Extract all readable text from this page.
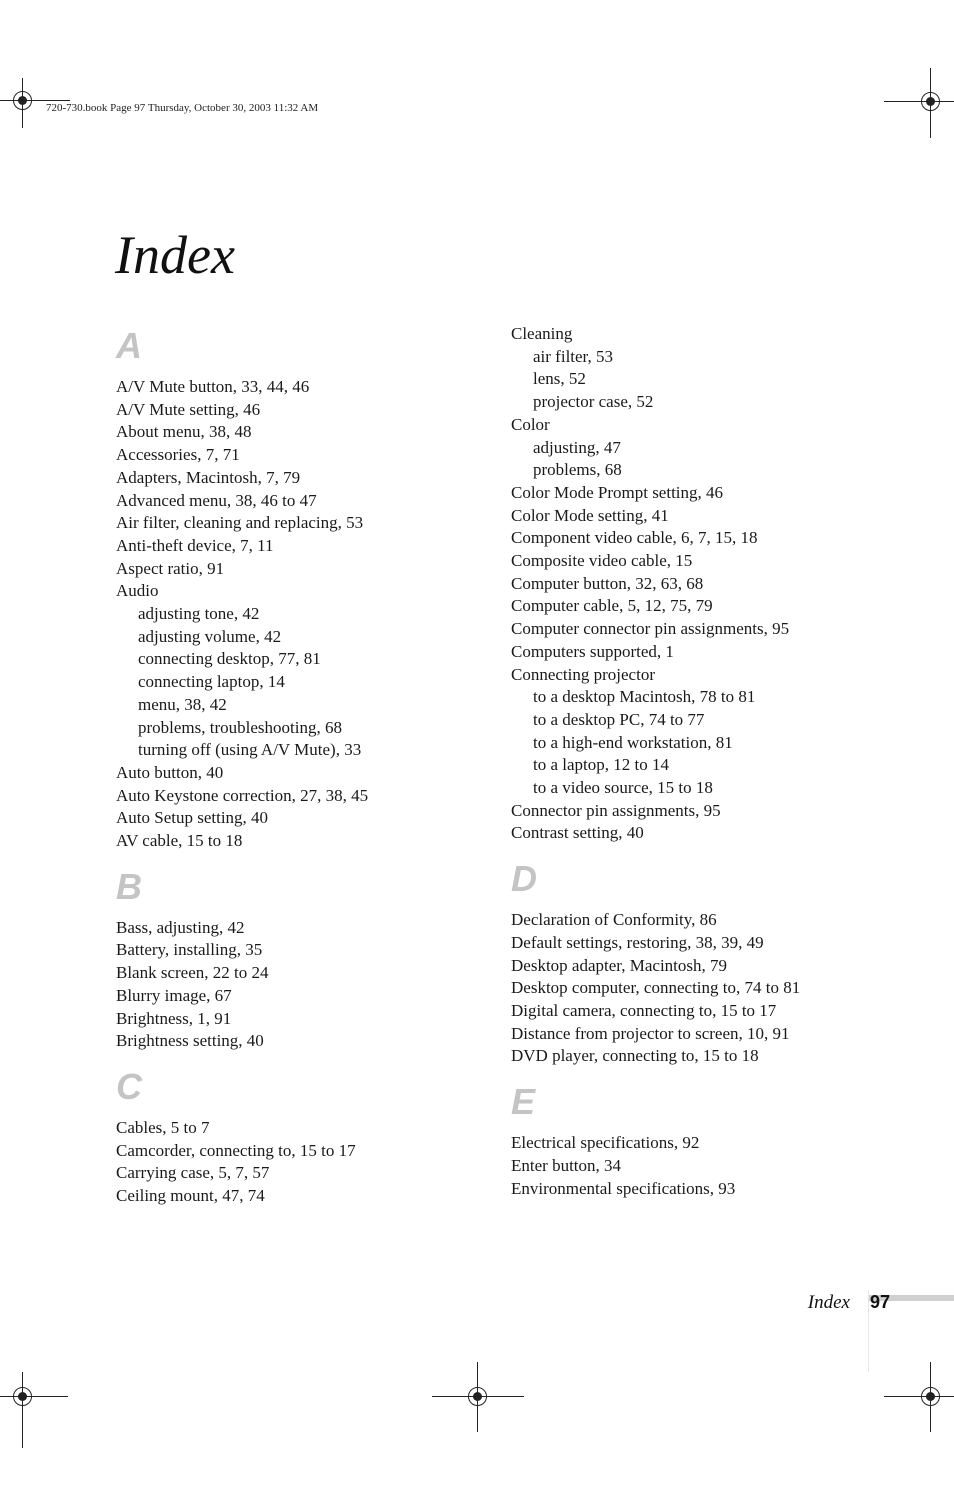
720-730.book Page 97 Thursday, October 30, 2003 11:32 AM
Index
A
A/V Mute button, 33, 44, 46
A/V Mute setting, 46
About menu, 38, 48
Accessories, 7, 71
Adapters, Macintosh, 7, 79
Advanced menu, 38, 46 to 47
Air filter, cleaning and replacing, 53
Anti-theft device, 7, 11
Aspect ratio, 91
Audio
adjusting tone, 42
adjusting volume, 42
connecting desktop, 77, 81
connecting laptop, 14
menu, 38, 42
problems, troubleshooting, 68
turning off (using A/V Mute), 33
Auto button, 40
Auto Keystone correction, 27, 38, 45
Auto Setup setting, 40
AV cable, 15 to 18
B
Bass, adjusting, 42
Battery, installing, 35
Blank screen, 22 to 24
Blurry image, 67
Brightness, 1, 91
Brightness setting, 40
C
Cables, 5 to 7
Camcorder, connecting to, 15 to 17
Carrying case, 5, 7, 57
Ceiling mount, 47, 74
Cleaning
air filter, 53
lens, 52
projector case, 52
Color
adjusting, 47
problems, 68
Color Mode Prompt setting, 46
Color Mode setting, 41
Component video cable, 6, 7, 15, 18
Composite video cable, 15
Computer button, 32, 63, 68
Computer cable, 5, 12, 75, 79
Computer connector pin assignments, 95
Computers supported, 1
Connecting projector
to a desktop Macintosh, 78 to 81
to a desktop PC, 74 to 77
to a high-end workstation, 81
to a laptop, 12 to 14
to a video source, 15 to 18
Connector pin assignments, 95
Contrast setting, 40
D
Declaration of Conformity, 86
Default settings, restoring, 38, 39, 49
Desktop adapter, Macintosh, 79
Desktop computer, connecting to, 74 to 81
Digital camera, connecting to, 15 to 17
Distance from projector to screen, 10, 91
DVD player, connecting to, 15 to 18
E
Electrical specifications, 92
Enter button, 34
Environmental specifications, 93
Index 97
